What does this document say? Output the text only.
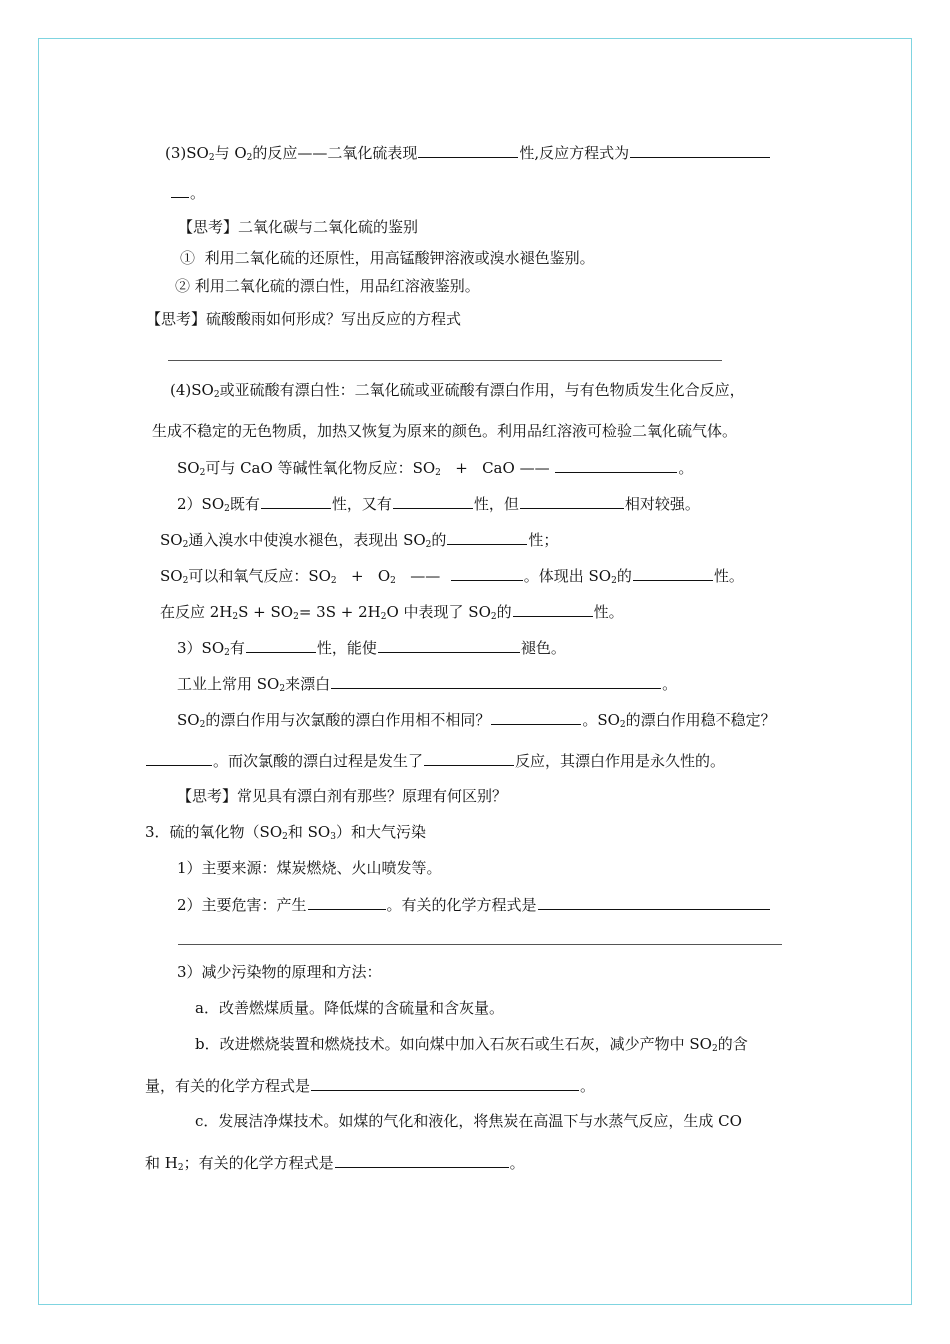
$(3)SO_2$与 $O_2$的反应——二氧化硫表现	性,反应方程式为
。
【思考】二氧化碳与二氧化硫的鉴别
① 利用二氧化硫的还原性，用高锰酸钾溶液或溴水褪色鉴别。
② 利用二氧化硫的漂白性，用品红溶液鉴别。
【思考】硫酸酸雨如何形成？写出反应的方程式
$(4)SO_2$或亚硫酸有漂白性：二氧化硫或亚硫酸有漂白作用，与有色物质发生化合反应，
生成不稳定的无色物质，加热又恢复为原来的颜色。利用品红溶液可检验二氧化硫气体。
$SO_2$可与 CaO 等碱性氧化物反应：$SO_2$ + CaO ——	。
$2)SO_2$既有	性，又有	性，但	相对较强。
$SO_2$通入溴水中使溴水褪色，表现出 $SO_2$的	性；
$SO_2$可以和氧气反应：$SO_2 + O_2$ ——	。体现出 $SO_2$的	性。
在反应 $2H_2S + SO_2= 3S + 2H_2O$ 中表现了 $SO_2$的	性。
$3)SO_2$有	性，能使	褪色。
工业上常用 $SO_2$来漂白	。
$SO_2$的漂白作用与次氯酸的漂白作用相不相同？	。$SO_2$的漂白作用稳不稳定？
。而次氯酸的漂白过程是发生了	反应，其漂白作用是永久性的。
【思考】常见具有漂白剂有那些？原理有何区别？
3．硫的氧化物（$SO_2$和 $SO_3$）和大气污染
1）主要来源：煤炭燃烧、火山喷发等。
2）主要危害：产生	。有关的化学方程式是
3）减少污染物的原理和方法：
a．改善燃煤质量。降低煤的含硫量和含灰量。
b．改进燃烧装置和燃烧技术。如向煤中加入石灰石或生石灰，减少产物中 $SO_2$的含
量，有关的化学方程式是	。
c．发展洁净煤技术。如煤的气化和液化，将焦炭在高温下与水蒸气反应，生成 CO
和 $H_2$；有关的化学方程式是	。
